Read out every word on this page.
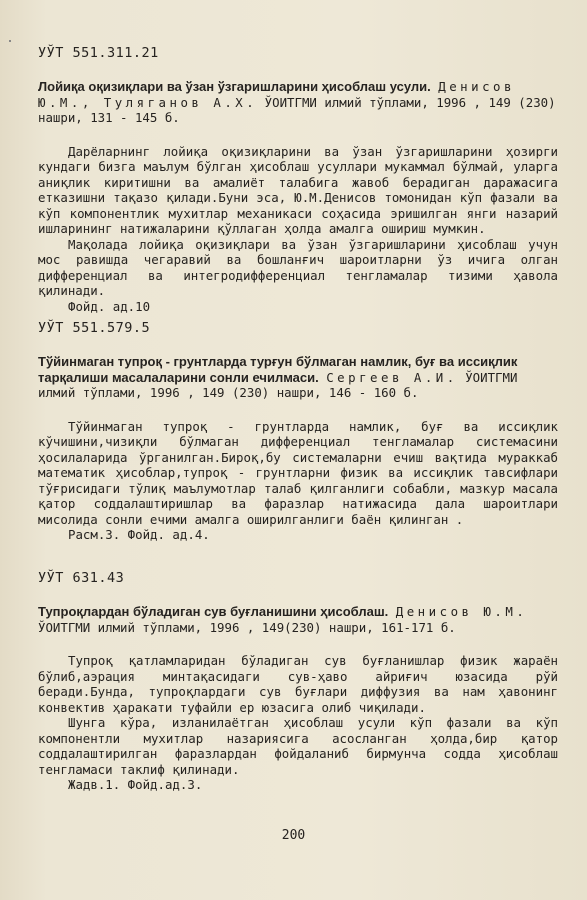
УЎТ 551.311.21

Лойиқа оқизиқлари ва ўзан ўзгаришларини ҳисоблаш усули. Денисов Ю.М., Туляганов А.Х. ЎОИТГМИ илмий тўплами, 1996 , 149 (230) нашри, 131 - 145 б.

Дарёларнинг лойиқа оқизиқларини ва ўзан ўзгаришларини ҳозирги кундаги бизга маълум бўлган ҳисоблаш усуллари мукаммал бўлмай, уларга аниқлик киритишни ва амалиёт талабига жавоб берадиган даражасига етказишни тақазо қилади.Буни эса, Ю.М.Денисов томонидан кўп фазали ва кўп компонентлик мухитлар механикаси соҳасида эришилган янги назарий ишларининг натижаларини қўллаган ҳолда амалга ошириш мумкин.
Мақолада лойиқа оқизиқлари ва ўзан ўзгаришларини ҳисоблаш учун мос равишда чегаравий ва бошланғич шароитларни ўз ичига олган дифференциал ва интегродифференциал тенгламалар тизими ҳавола қилинади.

Фойд. ад.10

УЎТ 551.579.5

Тўйинмаган тупроқ - грунтларда турғун бўлмаган намлик, буғ ва иссиқлик тарқалиши масалаларини сонли ечилмаси. Сергеев А.И. ЎОИТГМИ илмий тўплами, 1996 , 149 (230) нашри, 146 - 160 б.

Тўйинмаган тупроқ - грунтларда намлик, буғ ва иссиқлик кўчишини,чизиқли бўлмаган дифференциал тенгламалар системасини ҳосилаларида ўрганилган.Бироқ,бу системаларни ечиш вақтида мураккаб математик ҳисоблар,тупроқ - грунтларни физик ва иссиқлик тавсифлари тўғрисидаги тўлиқ маълумотлар талаб қилганлиги собабли, мазкур масала қатор соддалаштиришлар ва фаразлар натижасида дала шароитлари мисолида сонли ечими амалга оширилганлиги баён қилинган .

Расм.3. Фойд. ад.4.

УЎТ 631.43

Тупроқлардан бўладиган сув буғланишини ҳисоблаш. Денисов Ю.М. ЎОИТГМИ илмий тўплами, 1996 , 149(230) нашри, 161-171 б.

Тупроқ қатламларидан бўладиган сув буғланишлар физик жараён бўлиб,аэрация минтақасидаги сув-ҳаво айриғич юзасида рўй беради.Бунда, тупроқлардаги сув буғлари диффузия ва нам ҳавонинг конвектив ҳаракати туфайли ер юзасига олиб чиқилади.
Шунга кўра, изланилаётган ҳисоблаш усули кўп фазали ва кўп компонентли мухитлар назариясига асосланган ҳолда,бир қатор соддалаштирилган фаразлардан фойдаланиб бирмунча содда ҳисоблаш тенгламаси таклиф қилинади.

Жадв.1. Фойд.ад.3.

200
